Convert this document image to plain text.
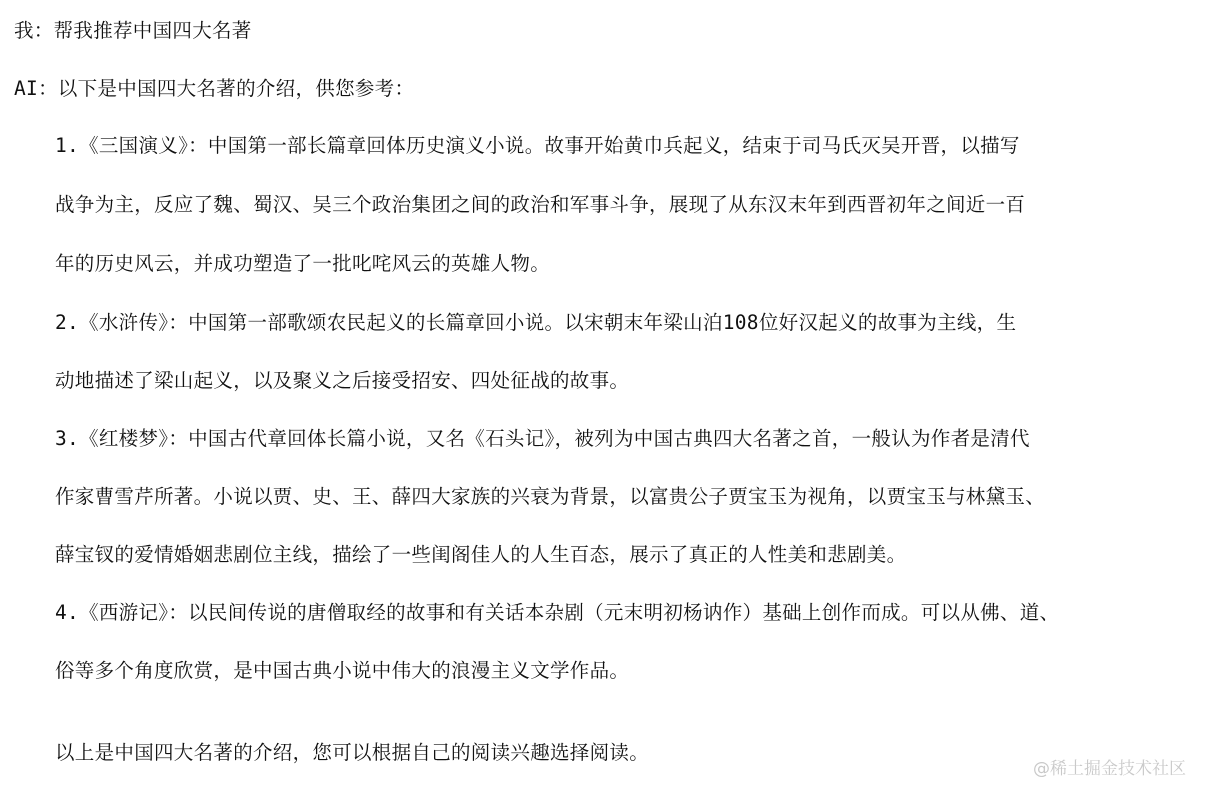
我：帮我推荐中国四大名著
AI：以下是中国四大名著的介绍，供您参考：
1.《三国演义》：中国第一部长篇章回体历史演义小说。故事开始黄巾兵起义，结束于司马氏灭吴开晋，以描写
战争为主，反应了魏、蜀汉、吴三个政治集团之间的政治和军事斗争，展现了从东汉末年到西晋初年之间近一百
年的历史风云，并成功塑造了一批叱咤风云的英雄人物。
2.《水浒传》：中国第一部歌颂农民起义的长篇章回小说。以宋朝末年梁山泊108位好汉起义的故事为主线，生
动地描述了梁山起义，以及聚义之后接受招安、四处征战的故事。
3.《红楼梦》：中国古代章回体长篇小说，又名《石头记》，被列为中国古典四大名著之首，一般认为作者是清代
作家曹雪芹所著。小说以贾、史、王、薛四大家族的兴衰为背景，以富贵公子贾宝玉为视角，以贾宝玉与林黛玉、
薛宝钗的爱情婚姻悲剧位主线，描绘了一些闺阁佳人的人生百态，展示了真正的人性美和悲剧美。
4.《西游记》：以民间传说的唐僧取经的故事和有关话本杂剧（元末明初杨讷作）基础上创作而成。可以从佛、道、
俗等多个角度欣赏，是中国古典小说中伟大的浪漫主义文学作品。
以上是中国四大名著的介绍，您可以根据自己的阅读兴趣选择阅读。
@稀土掘金技术社区
